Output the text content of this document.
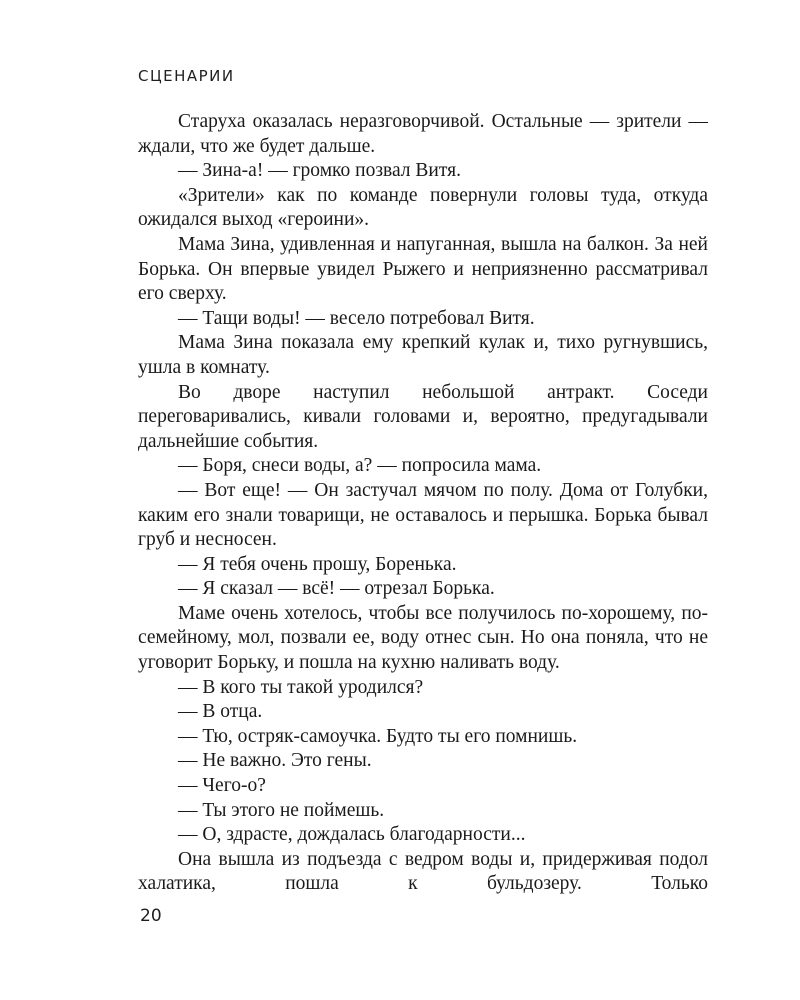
СЦЕНАРИИ

Старуха оказалась неразговорчивой. Остальные — зрители — ждали, что же будет дальше.

— Зина-а! — громко позвал Витя.

«Зрители» как по команде повернули головы туда, откуда ожидался выход «героини».

Мама Зина, удивленная и напуганная, вышла на балкон. За ней Борька. Он впервые увидел Рыжего и неприязненно рассматривал его сверху.

— Тащи воды! — весело потребовал Витя.

Мама Зина показала ему крепкий кулак и, тихо ругнувшись, ушла в комнату.

Во дворе наступил небольшой антракт. Соседи переговаривались, кивали головами и, вероятно, предугадывали дальнейшие события.

— Боря, снеси воды, а? — попросила мама.

— Вот еще! — Он застучал мячом по полу. Дома от Голубки, каким его знали товарищи, не оставалось и перышка. Борька бывал груб и несносен.

— Я тебя очень прошу, Боренька.

— Я сказал — всё! — отрезал Борька.

Маме очень хотелось, чтобы все получилось по-хорошему, по-семейному, мол, позвали ее, воду отнес сын. Но она поняла, что не уговорит Борьку, и пошла на кухню наливать воду.

— В кого ты такой уродился?

— В отца.

— Тю, остряк-самоучка. Будто ты его помнишь.

— Не важно. Это гены.

— Чего-о?

— Ты этого не поймешь.

— О, здрасте, дождалась благодарности...

Она вышла из подъезда с ведром воды и, придерживая подол халатика, пошла к бульдозеру. Только

20
